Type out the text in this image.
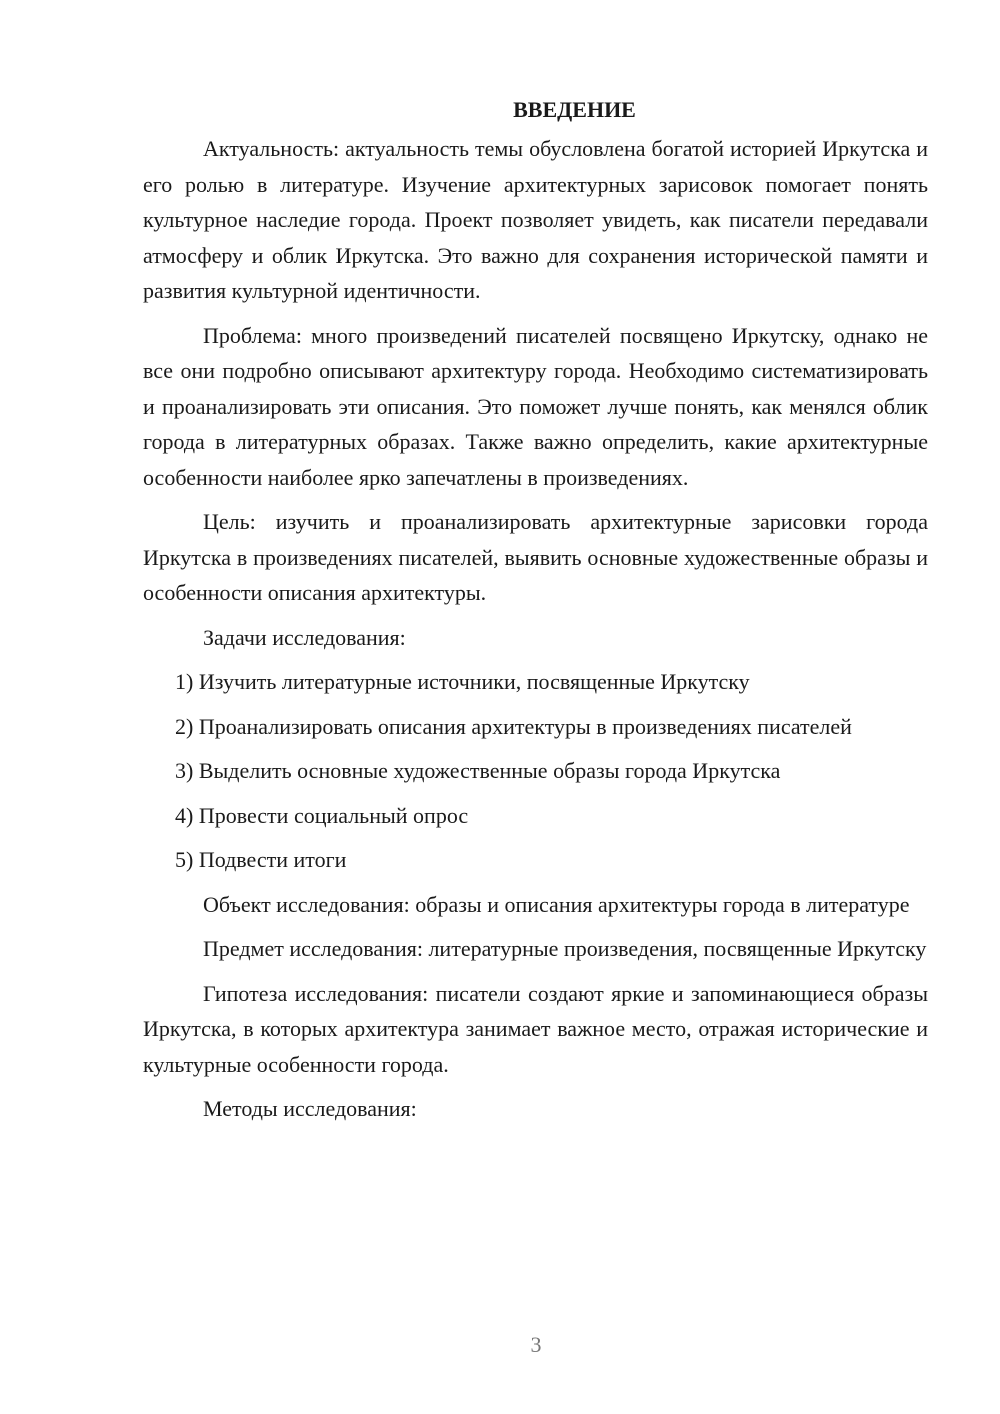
ВВЕДЕНИЕ

Актуальность: актуальность темы обусловлена богатой историей Иркутска и его ролью в литературе. Изучение архитектурных зарисовок помогает понять культурное наследие города. Проект позволяет увидеть, как писатели передавали атмосферу и облик Иркутска. Это важно для сохранения исторической памяти и развития культурной идентичности.

Проблема: много произведений писателей посвящено Иркутску, однако не все они подробно описывают архитектуру города. Необходимо систематизировать и проанализировать эти описания. Это поможет лучше понять, как менялся облик города в литературных образах. Также важно определить, какие архитектурные особенности наиболее ярко запечатлены в произведениях.

Цель: изучить и проанализировать архитектурные зарисовки города Иркутска в произведениях писателей, выявить основные художественные образы и особенности описания архитектуры.

Задачи исследования:

1) Изучить литературные источники, посвященные Иркутску

2) Проанализировать описания архитектуры в произведениях писателей

3) Выделить основные художественные образы города Иркутска

4) Провести социальный опрос

5) Подвести итоги

Объект исследования: образы и описания архитектуры города в литературе

Предмет исследования: литературные произведения, посвященные Иркутску

Гипотеза исследования: писатели создают яркие и запоминающиеся образы Иркутска, в которых архитектура занимает важное место, отражая исторические и культурные особенности города.

Методы исследования:

3
